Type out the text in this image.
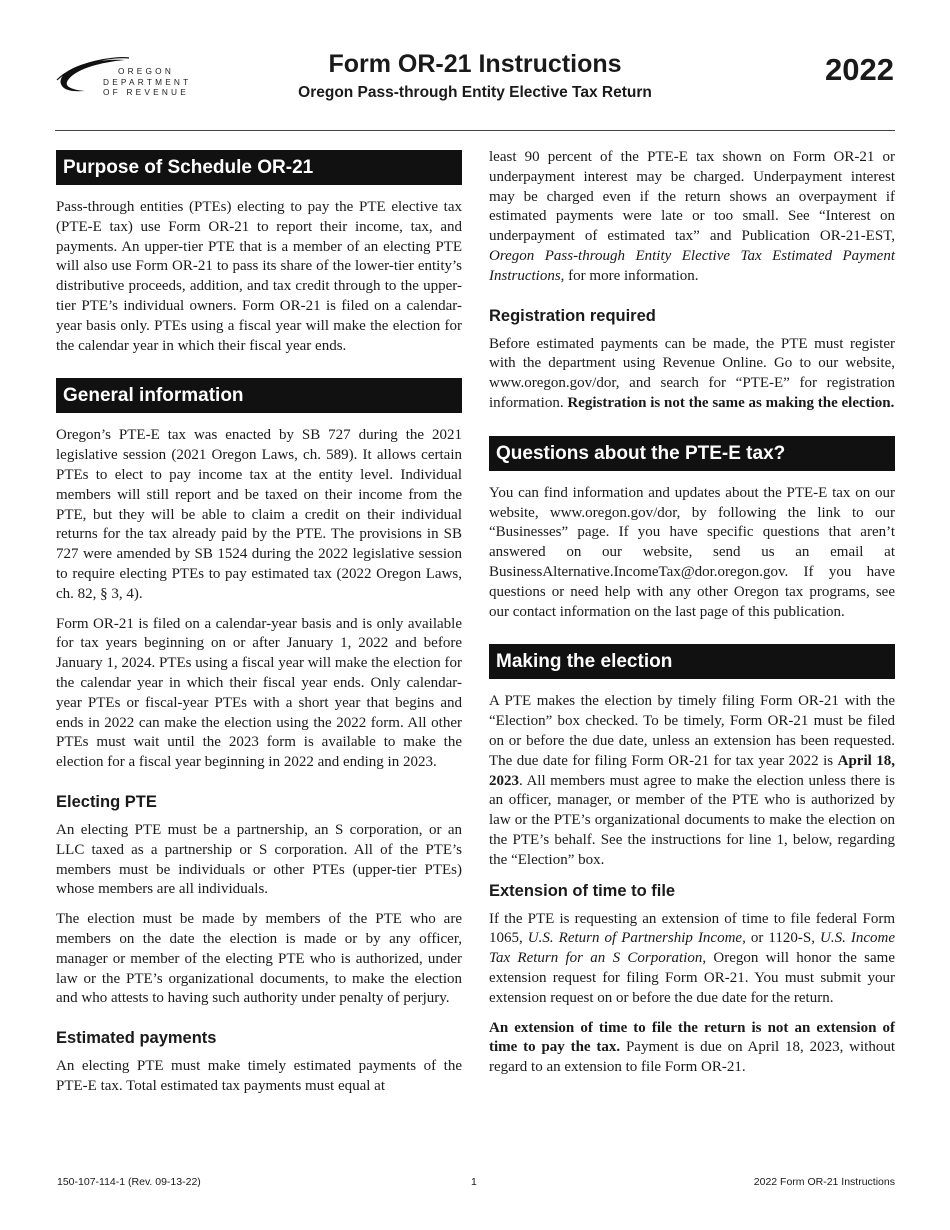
OREGON
DEPARTMENT
OF REVENUE
Form OR-21 Instructions
Oregon Pass-through Entity Elective Tax Return
2022
Purpose of Schedule OR-21

Pass-through entities (PTEs) electing to pay the PTE elective tax (PTE-E tax) use Form OR-21 to report their income, tax, and payments. An upper-tier PTE that is a member of an electing PTE will also use Form OR-21 to pass its share of the lower-tier entity’s distributive proceeds, addition, and tax credit through to the upper-tier PTE’s individual owners. Form OR-21 is filed on a calendar-year basis only. PTEs using a fiscal year will make the election for the calendar year in which their fiscal year ends.

General information

Oregon’s PTE-E tax was enacted by SB 727 during the 2021 legislative session (2021 Oregon Laws, ch. 589). It allows certain PTEs to elect to pay income tax at the entity level. Individual members will still report and be taxed on their income from the PTE, but they will be able to claim a credit on their individual returns for the tax already paid by the PTE. The provisions in SB 727 were amended by SB 1524 during the 2022 legislative session to require electing PTEs to pay estimated tax (2022 Oregon Laws, ch. 82, § 3, 4).

Form OR-21 is filed on a calendar-year basis and is only available for tax years beginning on or after January 1, 2022 and before January 1, 2024. PTEs using a fiscal year will make the election for the calendar year in which their fiscal year ends. Only calendar-year PTEs or fiscal-year PTEs with a short year that begins and ends in 2022 can make the election using the 2022 form. All other PTEs must wait until the 2023 form is available to make the election for a fiscal year beginning in 2022 and ending in 2023.

Electing PTE

An electing PTE must be a partnership, an S corporation, or an LLC taxed as a partnership or S corporation. All of the PTE’s members must be individuals or other PTEs (upper-tier PTEs) whose members are all individuals.

The election must be made by members of the PTE who are members on the date the election is made or by any officer, manager or member of the electing PTE who is authorized, under law or the PTE’s organizational documents, to make the election and who attests to having such authority under penalty of perjury.

Estimated payments

An electing PTE must make timely estimated payments of the PTE-E tax. Total estimated tax payments must equal at

least 90 percent of the PTE-E tax shown on Form OR-21 or underpayment interest may be charged. Underpayment interest may be charged even if the return shows an overpayment if estimated payments were late or too small. See “Interest on underpayment of estimated tax” and Publication OR-21-EST, Oregon Pass-through Entity Elective Tax Estimated Payment Instructions, for more information.

Registration required

Before estimated payments can be made, the PTE must register with the department using Revenue Online. Go to our website, www.oregon.gov/dor, and search for “PTE-E” for registration information. Registration is not the same as making the election.

Questions about the PTE-E tax?

You can find information and updates about the PTE-E tax on our website, www.oregon.gov/dor, by following the link to our “Businesses” page. If you have specific questions that aren’t answered on our website, send us an email at BusinessAlternative.IncomeTax@dor.oregon.gov. If you have questions or need help with any other Oregon tax programs, see our contact information on the last page of this publication.

Making the election

A PTE makes the election by timely filing Form OR-21 with the “Election” box checked. To be timely, Form OR-21 must be filed on or before the due date, unless an extension has been requested. The due date for filing Form OR-21 for tax year 2022 is April 18, 2023. All members must agree to make the election unless there is an officer, manager, or member of the PTE who is authorized by law or the PTE’s organizational documents to make the election on the PTE’s behalf. See the instructions for line 1, below, regarding the “Election” box.

Extension of time to file

If the PTE is requesting an extension of time to file federal Form 1065, U.S. Return of Partnership Income, or 1120-S, U.S. Income Tax Return for an S Corporation, Oregon will honor the same extension request for filing Form OR-21. You must submit your extension request on or before the due date for the return.

An extension of time to file the return is not an extension of time to pay the tax. Payment is due on April 18, 2023, without regard to an extension to file Form OR-21.

150-107-114-1 (Rev. 09-13-22)	1	2022 Form OR-21 Instructions
